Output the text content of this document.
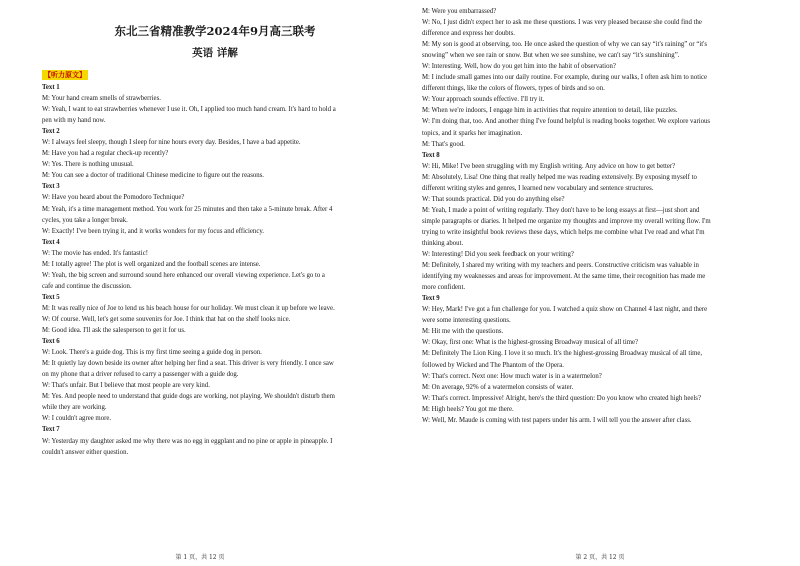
东北三省精准教学2024年9月高三联考

英语 详解

【听力原文】

Text 1

M: Your hand cream smells of strawberries.

W: Yeah, I want to eat strawberries whenever I use it. Oh, I applied too much hand cream. It's hard to hold a

pen with my hand now.

Text 2

W: I always feel sleepy, though I sleep for nine hours every day. Besides, I have a bad appetite.

M: Have you had a regular check-up recently?

W: Yes. There is nothing unusual.

M: You can see a doctor of traditional Chinese medicine to figure out the reasons.

Text 3

W: Have you heard about the Pomodoro Technique?

M: Yeah, it's a time management method. You work for 25 minutes and then take a 5-minute break. After 4

cycles, you take a longer break.

W: Exactly! I've been trying it, and it works wonders for my focus and efficiency.

Text 4

W: The movie has ended. It's fantastic!

M: I totally agree! The plot is well organized and the football scenes are intense.

W: Yeah, the big screen and surround sound here enhanced our overall viewing experience. Let's go to a

cafe and continue the discussion.

Text 5

M: It was really nice of Joe to lend us his beach house for our holiday. We must clean it up before we leave.

W: Of course. Well, let's get some souvenirs for Joe. I think that hat on the shelf looks nice.

M: Good idea. I'll ask the salesperson to get it for us.

Text 6

W: Look. There's a guide dog. This is my first time seeing a guide dog in person.

M: It quietly lay down beside its owner after helping her find a seat. This driver is very friendly. I once saw

on my phone that a driver refused to carry a passenger with a guide dog.

W: That's unfair. But I believe that most people are very kind.

M: Yes. And people need to understand that guide dogs are working, not playing. We shouldn't disturb them

while they are working.

W: I couldn't agree more.

Text 7

W: Yesterday my daughter asked me why there was no egg in eggplant and no pine or apple in pineapple. I

couldn't answer either question.

第 1 页，共 12 页

M: Were you embarrassed?

W: No, I just didn't expect her to ask me these questions. I was very pleased because she could find the

difference and express her doubts.

M: My son is good at observing, too. He once asked the question of why we can say “it's raining” or “it's

snowing” when we see rain or snow. But when we see sunshine, we can't say “it's sunshining”.

W: Interesting. Well, how do you get him into the habit of observation?

M: I include small games into our daily routine. For example, during our walks, I often ask him to notice

different things, like the colors of flowers, types of birds and so on.

W: Your approach sounds effective. I'll try it.

M: When we're indoors, I engage him in activities that require attention to detail, like puzzles.

W: I'm doing that, too. And another thing I've found helpful is reading books together. We explore various

topics, and it sparks her imagination.

M: That's good.

Text 8

W: Hi, Mike! I've been struggling with my English writing. Any advice on how to get better?

M: Absolutely, Lisa! One thing that really helped me was reading extensively. By exposing myself to

different writing styles and genres, I learned new vocabulary and sentence structures.

W: That sounds practical. Did you do anything else?

M: Yeah, I made a point of writing regularly. They don't have to be long essays at first—just short and

simple paragraphs or diaries. It helped me organize my thoughts and improve my overall writing flow. I'm

trying to write insightful book reviews these days, which helps me combine what I've read and what I'm

thinking about.

W: Interesting! Did you seek feedback on your writing?

M: Definitely, I shared my writing with my teachers and peers. Constructive criticism was valuable in

identifying my weaknesses and areas for improvement. At the same time, their recognition has made me

more confident.

Text 9

W: Hey, Mark! I've got a fun challenge for you. I watched a quiz show on Channel 4 last night, and there

were some interesting questions.

M: Hit me with the questions.

W: Okay, first one: What is the highest-grossing Broadway musical of all time?

M: Definitely The Lion King. I love it so much. It's the highest-grossing Broadway musical of all time,

followed by Wicked and The Phantom of the Opera.

W: That's correct. Next one: How much water is in a watermelon?

M: On average, 92% of a watermelon consists of water.

W: That's correct. Impressive! Alright, here's the third question: Do you know who created high heels?

M: High heels? You got me there.

W: Well, Mr. Maude is coming with test papers under his arm. I will tell you the answer after class.

第 2 页，共 12 页
